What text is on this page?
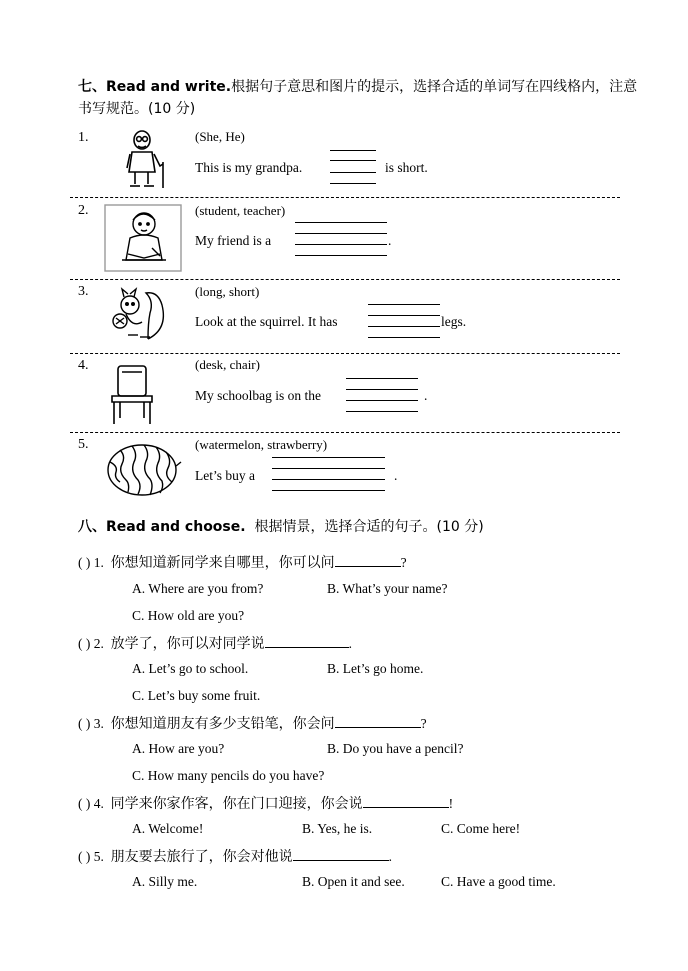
七、Read and write.根据句子意思和图片的提示，选择合适的单词写在四线格内，注意书写规范。(10 分)
1.	(She, He)
This is my grandpa.	is short.
2.	(student, teacher)
My friend is a	.
3.	(long, short)
Look at the squirrel. It has	legs.
4.	(desk, chair)
My schoolbag is on the	.
5.	(watermelon, strawberry)
Let’s buy a	.
八、Read and choose. 根据情景，选择合适的句子。(10 分)
( ) 1. 你想知道新同学来自哪里，你可以问	?
A. Where are you from?	B. What’s your name?
C. How old are you?
( ) 2. 放学了，你可以对同学说	.
A. Let’s go to school.	B. Let’s go home.
C. Let’s buy some fruit.
( ) 3. 你想知道朋友有多少支铅笔，你会问	?
A. How are you?	B. Do you have a pencil?
C. How many pencils do you have?
( ) 4. 同学来你家作客，你在门口迎接，你会说	!
A. Welcome!	B. Yes, he is.	C. Come here!
( ) 5. 朋友要去旅行了，你会对他说	.
A. Silly me.	B. Open it and see.	C. Have a good time.
